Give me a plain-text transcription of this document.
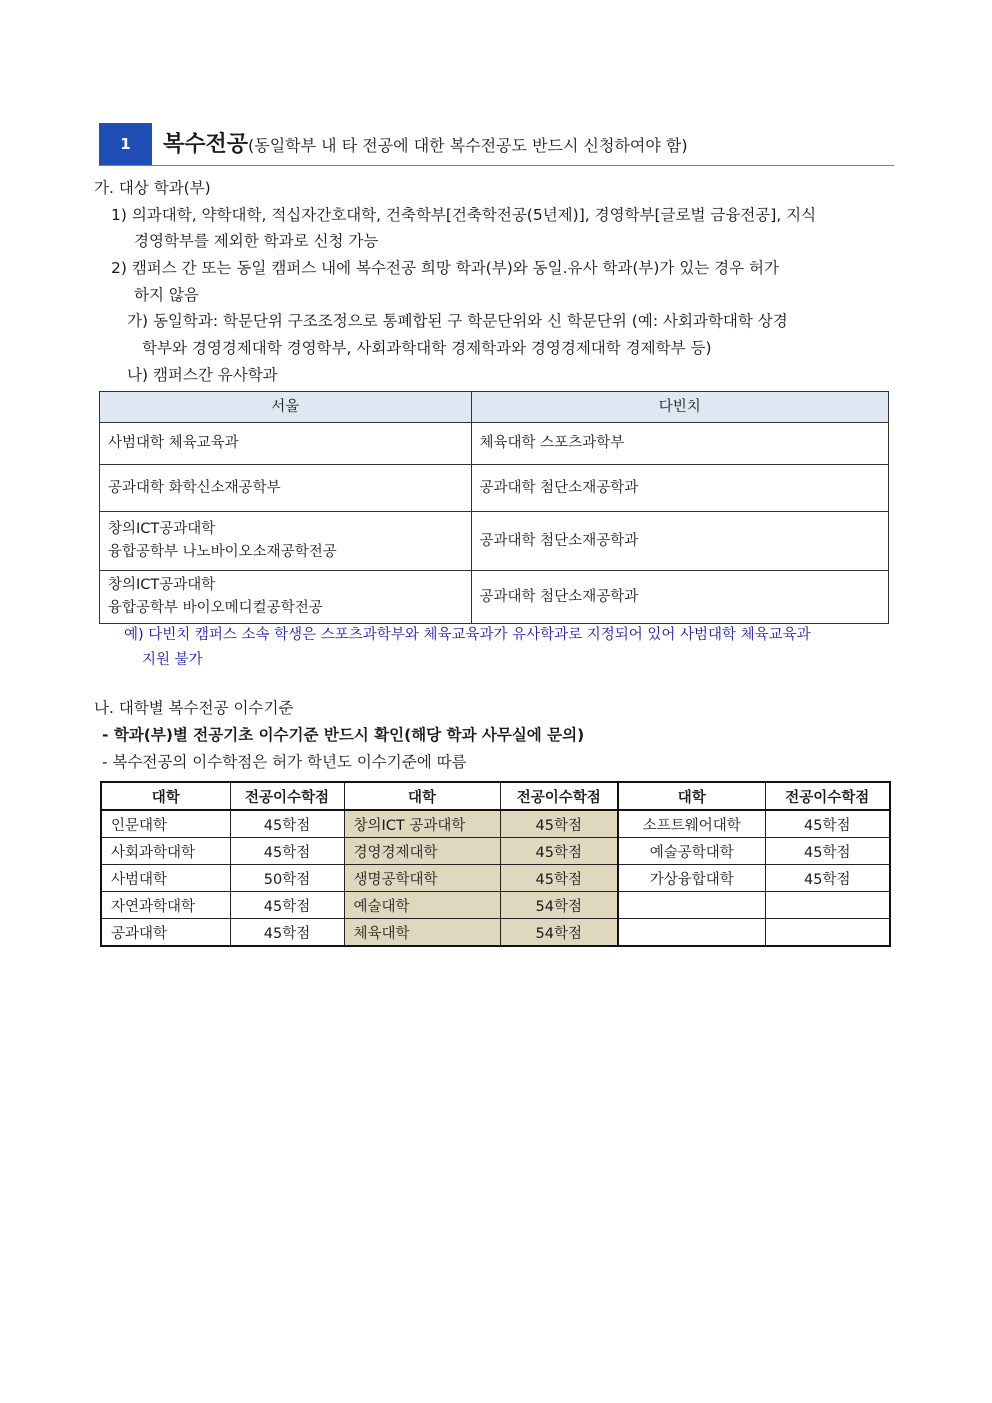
1	복수전공(동일학부 내 타 전공에 대한 복수전공도 반드시 신청하여야 함)
가. 대상 학과(부)
1) 의과대학, 약학대학, 적십자간호대학, 건축학부[건축학전공(5년제)], 경영학부[글로벌 금융전공], 지식
경영학부를 제외한 학과로 신청 가능
2) 캠퍼스 간 또는 동일 캠퍼스 내에 복수전공 희망 학과(부)와 동일.유사 학과(부)가 있는 경우 허가
하지 않음
가) 동일학과: 학문단위 구조조정으로 통폐합된 구 학문단위와 신 학문단위 (예: 사회과학대학 상경
학부와 경영경제대학 경영학부, 사회과학대학 경제학과와 경영경제대학 경제학부 등)
나) 캠퍼스간 유사학과
서울	다빈치
사범대학 체육교육과	체육대학 스포츠과학부
공과대학 화학신소재공학부	공과대학 첨단소재공학과

창의ICT공과대학
융합공학부 나노바이오소재공학전공	공과대학 첨단소재공학과

창의ICT공과대학
융합공학부 바이오메디컬공학전공	공과대학 첨단소재공학과
예) 다빈치 캠퍼스 소속 학생은 스포츠과학부와 체육교육과가 유사학과로 지정되어 있어 사범대학 체육교육과
지원 불가
나. 대학별 복수전공 이수기준
- 학과(부)별 전공기초 이수기준 반드시 확인(해당 학과 사무실에 문의)
- 복수전공의 이수학점은 허가 학년도 이수기준에 따름
대학	전공이수학점	대학	전공이수학점	대학	전공이수학점
인문대학	45학점	창의ICT 공과대학	45학점	소프트웨어대학	45학점
사회과학대학	45학점	경영경제대학	45학점	예술공학대학	45학점
사범대학	50학점	생명공학대학	45학점	가상융합대학	45학점
자연과학대학	45학점	예술대학	54학점		
공과대학	45학점	체육대학	54학점		
